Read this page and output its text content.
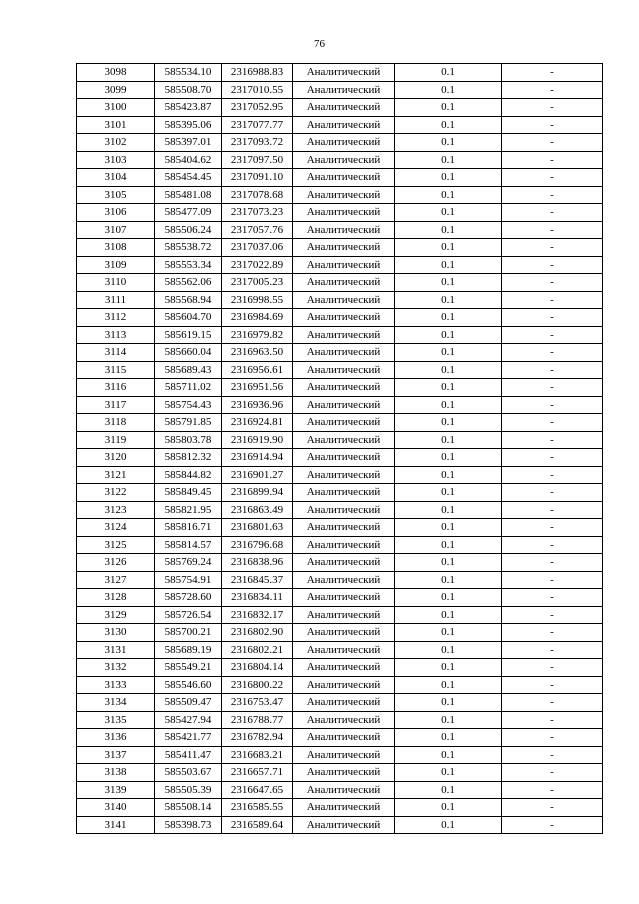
76
3098	585534.10	2316988.83	Аналитический	0.1	-
3099	585508.70	2317010.55	Аналитический	0.1	-
3100	585423.87	2317052.95	Аналитический	0.1	-
3101	585395.06	2317077.77	Аналитический	0.1	-
3102	585397.01	2317093.72	Аналитический	0.1	-
3103	585404.62	2317097.50	Аналитический	0.1	-
3104	585454.45	2317091.10	Аналитический	0.1	-
3105	585481.08	2317078.68	Аналитический	0.1	-
3106	585477.09	2317073.23	Аналитический	0.1	-
3107	585506.24	2317057.76	Аналитический	0.1	-
3108	585538.72	2317037.06	Аналитический	0.1	-
3109	585553.34	2317022.89	Аналитический	0.1	-
3110	585562.06	2317005.23	Аналитический	0.1	-
3111	585568.94	2316998.55	Аналитический	0.1	-
3112	585604.70	2316984.69	Аналитический	0.1	-
3113	585619.15	2316979.82	Аналитический	0.1	-
3114	585660.04	2316963.50	Аналитический	0.1	-
3115	585689.43	2316956.61	Аналитический	0.1	-
3116	585711.02	2316951.56	Аналитический	0.1	-
3117	585754.43	2316936.96	Аналитический	0.1	-
3118	585791.85	2316924.81	Аналитический	0.1	-
3119	585803.78	2316919.90	Аналитический	0.1	-
3120	585812.32	2316914.94	Аналитический	0.1	-
3121	585844.82	2316901.27	Аналитический	0.1	-
3122	585849.45	2316899.94	Аналитический	0.1	-
3123	585821.95	2316863.49	Аналитический	0.1	-
3124	585816.71	2316801.63	Аналитический	0.1	-
3125	585814.57	2316796.68	Аналитический	0.1	-
3126	585769.24	2316838.96	Аналитический	0.1	-
3127	585754.91	2316845.37	Аналитический	0.1	-
3128	585728.60	2316834.11	Аналитический	0.1	-
3129	585726.54	2316832.17	Аналитический	0.1	-
3130	585700.21	2316802.90	Аналитический	0.1	-
3131	585689.19	2316802.21	Аналитический	0.1	-
3132	585549.21	2316804.14	Аналитический	0.1	-
3133	585546.60	2316800.22	Аналитический	0.1	-
3134	585509.47	2316753.47	Аналитический	0.1	-
3135	585427.94	2316788.77	Аналитический	0.1	-
3136	585421.77	2316782.94	Аналитический	0.1	-
3137	585411.47	2316683.21	Аналитический	0.1	-
3138	585503.67	2316657.71	Аналитический	0.1	-
3139	585505.39	2316647.65	Аналитический	0.1	-
3140	585508.14	2316585.55	Аналитический	0.1	-
3141	585398.73	2316589.64	Аналитический	0.1	-
